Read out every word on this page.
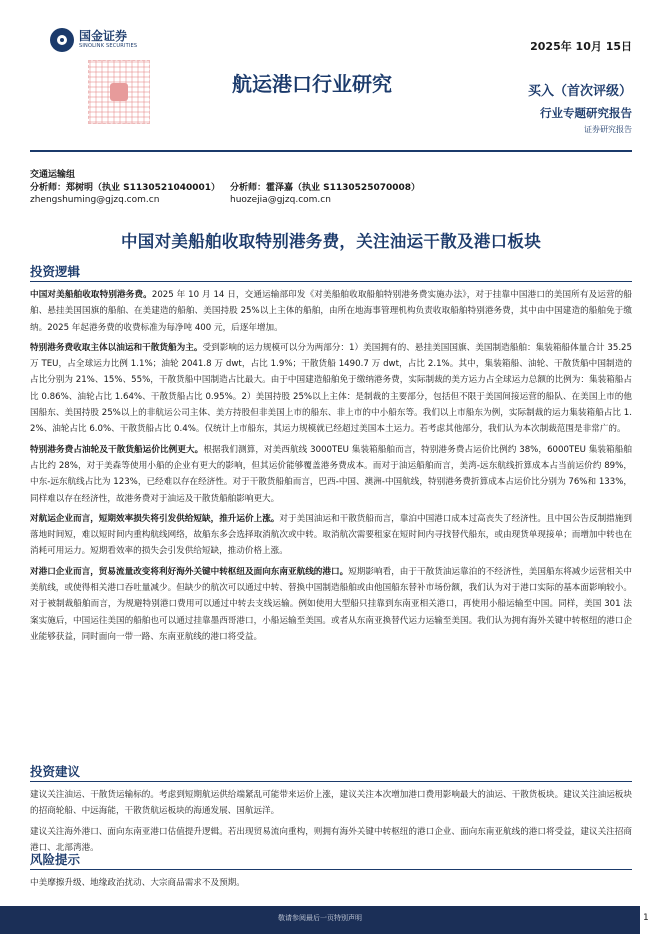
国金证券
SINOLINK SECURITIES	2025年 10月 15日
航运港口行业研究	买入（首次评级）
行业专题研究报告
证券研究报告
交通运输组
分析师：郑树明（执业 S1130521040001）	分析师：霍泽嘉（执业 S1130525070008）
zhengshuming@gjzq.com.cn	huozejia@gjzq.com.cn
中国对美船舶收取特别港务费，关注油运干散及港口板块
投资逻辑

中国对美船舶收取特别港务费。2025 年 10 月 14 日，交通运输部印发《对美船舶收取船舶特别港务费实施办法》，对于挂靠中国港口的美国所有及运营的船舶、悬挂美国国旗的船舶、在美建造的船舶、美国持股 25%以上主体的船舶，由所在地海事管理机构负责收取船舶特别港务费，其中由中国建造的船舶免于缴纳。2025 年起港务费的收费标准为每净吨 400 元，后逐年增加。

特别港务费收取主体以油运和干散货船为主。受到影响的运力规模可以分为两部分：1）美国拥有的、悬挂美国国旗、美国制造船舶：集装箱船体量合计 35.25 万 TEU，占全球运力比例 1.1%；油轮 2041.8 万 dwt，占比 1.9%；干散货船 1490.7 万 dwt，占比 2.1%。其中，集装箱船、油轮、干散货船中国制造的占比分别为 21%、15%、55%，干散货船中国制造占比最大。由于中国建造船舶免于缴纳港务费，实际制裁的美方运力占全球运力总额的比例为：集装箱船占比 0.86%、油轮占比 1.64%、干散货船占比 0.95%。2）美国持股 25%以上主体：是制裁的主要部分，包括但不限于美国间接运营的船队、在美国上市的他国船东、美国持股 25%以上的非航运公司主体、美方持股但非美国上市的船东、非上市的中小船东等。我们以上市船东为例，实际制裁的运力集装箱船占比 1.2%、油轮占比 6.0%、干散货船占比 0.4%。仅统计上市船东，其运力规模就已经超过美国本土运力。若考虑其他部分，我们认为本次制裁范围是非常广的。

特别港务费占油轮及干散货船运价比例更大。根据我们测算，对美西航线 3000TEU 集装箱船舶而言，特别港务费占运价比例约 38%，6000TEU 集装箱船舶占比约 28%，对于美森等使用小船的企业有更大的影响，但其运价能够覆盖港务费成本。而对于油运船舶而言，美湾-远东航线折算成本占当前运价约 89%，中东-远东航线占比为 123%，已经难以存在经济性。对于干散货船舶而言，巴西-中国、澳洲-中国航线，特别港务费折算成本占运价比分别为 76%和 133%，同样难以存在经济性，故港务费对于油运及干散货船舶影响更大。

对航运企业而言，短期效率损失将引发供给短缺，推升运价上涨。对于美国油运和干散货船而言，靠泊中国港口成本过高丧失了经济性。且中国公告反制措施到落地时间短，难以短时间内重构航线网络，故船东多会选择取消航次或中转。取消航次需要租家在短时间内寻找替代船东，或由现货单现接单；而增加中转也在消耗可用运力。短期看效率的损失会引发供给短缺，推动价格上涨。

对港口企业而言，贸易流量改变将利好海外关键中转枢纽及面向东南亚航线的港口。短期影响看，由于干散货油运靠泊的不经济性，美国船东将减少运营相关中美航线，或使得相关港口吞吐量减少。但缺少的航次可以通过中转、替换中国制造船舶或由他国船东替补市场份额，我们认为对于港口实际的基本面影响较小。对于被制裁船舶而言，为规避特别港口费用可以通过中转去支线运输。例如使用大型船只挂靠到东南亚相关港口，再使用小船运输至中国。同样，美国 301 法案实施后，中国运往美国的船舶也可以通过挂靠墨西哥港口，小船运输至美国。或者从东南亚换替代运力运输至美国。我们认为拥有海外关键中转枢纽的港口企业能够获益，同时面向一带一路、东南亚航线的港口将受益。

投资建议

建议关注油运、干散货运输标的。考虑到短期航运供给端紧乱可能带来运价上涨，建议关注本次增加港口费用影响最大的油运、干散货板块。建议关注油运板块的招商轮船、中远海能，干散货航运板块的海通发展、国航远洋。

建议关注海外港口、面向东南亚港口估值提升逻辑。若出现贸易流向重构，则拥有海外关键中转枢纽的港口企业、面向东南亚航线的港口将受益，建议关注招商港口、北部湾港。

风险提示

中美摩擦升级、地缘政治扰动、大宗商品需求不及预期。

敬请参阅最后一页特别声明	1
